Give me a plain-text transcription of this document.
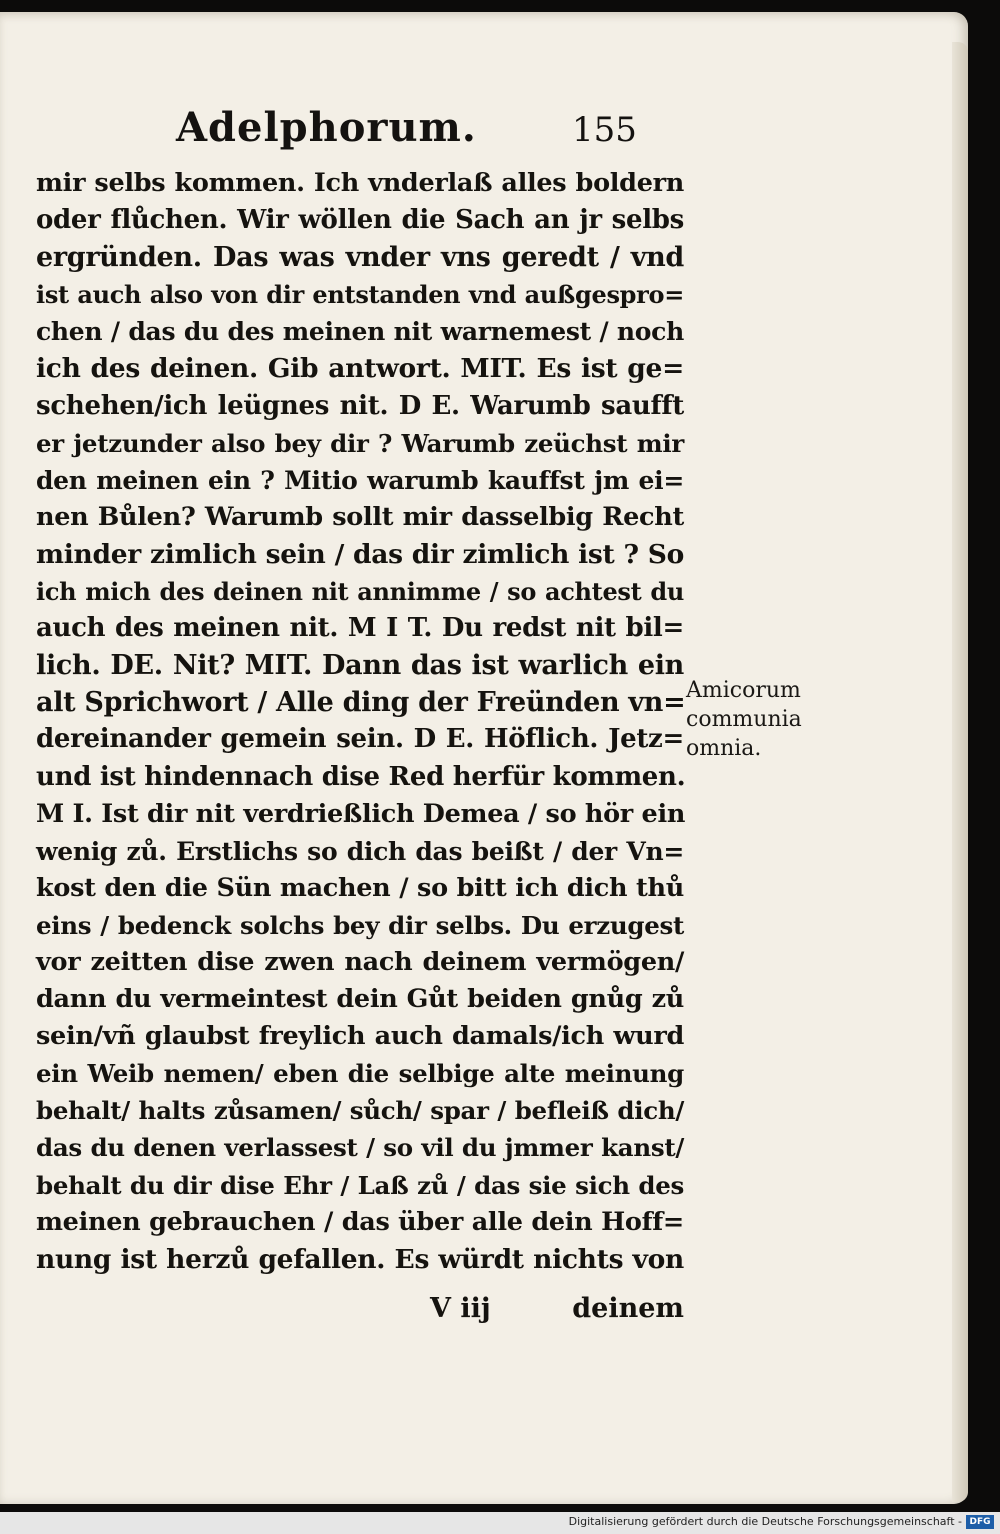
Adelphorum.	155
mir selbs kommen. Ich vnderlaß alles boldern
oder flůchen. Wir wöllen die Sach an jr selbs
ergründen. Das was vnder vns geredt / vnd
ist auch also von dir entstanden vnd außgespro=
chen / das du des meinen nit warnemest / noch
ich des deinen. Gib antwort. MIT. Es ist ge=
schehen/ich leügnes nit. D E. Warumb saufft
er jetzunder also bey dir ? Warumb zeüchst mir
den meinen ein ? Mitio warumb kauffst jm ei=
nen Bůlen? Warumb sollt mir dasselbig Recht
minder zimlich sein / das dir zimlich ist ? So
ich mich des deinen nit annimme / so achtest du
auch des meinen nit. M I T. Du redst nit bil=
lich. DE. Nit? MIT. Dann das ist warlich ein
alt Sprichwort / Alle ding der Freünden vn=
dereinander gemein sein. D E. Höflich. Jetz=
und ist hindennach dise Red herfür kommen.
M I. Ist dir nit verdrießlich Demea / so hör ein
wenig zů. Erstlichs so dich das beißt / der Vn=
kost den die Sün machen / so bitt ich dich thů
eins / bedenck solchs bey dir selbs. Du erzugest
vor zeitten dise zwen nach deinem vermögen/
dann du vermeintest dein Gůt beiden gnůg zů
sein/vñ glaubst freylich auch damals/ich wurd
ein Weib nemen/ eben die selbige alte meinung
behalt/ halts zůsamen/ sůch/ spar / befleiß dich/
das du denen verlassest / so vil du jmmer kanst/
behalt du dir dise Ehr / Laß zů / das sie sich des
meinen gebrauchen / das über alle dein Hoff=
nung ist herzů gefallen. Es würdt nichts von
Amicorum
communia
omnia.
V iij	deinem
Digitalisierung gefördert durch die Deutsche Forschungsgemeinschaft - DFG
